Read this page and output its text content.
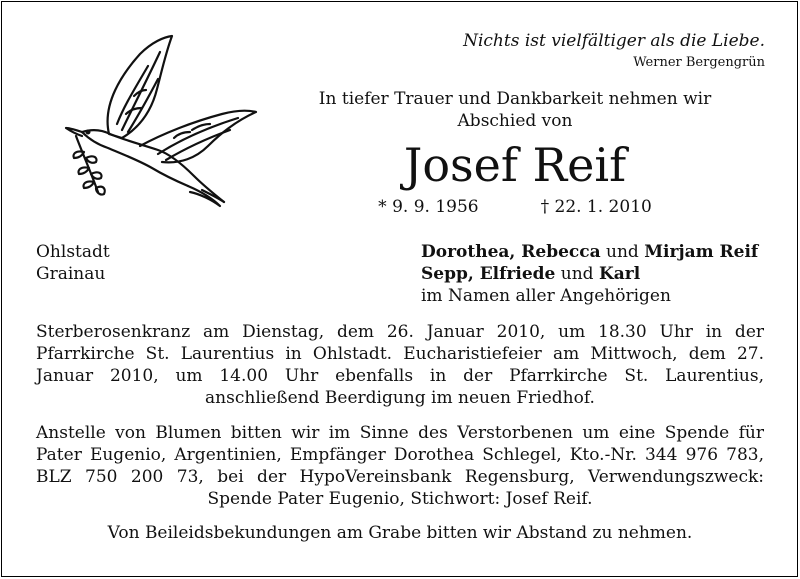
Nichts ist vielfältiger als die Liebe.
Werner Bergengrün
In tiefer Trauer und Dankbarkeit nehmen wir
Abschied von
Josef Reif
* 9. 9. 1956	† 22. 1. 2010
Ohlstadt
Grainau
Dorothea, Rebecca und Mirjam Reif
Sepp, Elfriede und Karl
im Namen aller Angehörigen
Sterberosenkranz am Dienstag, dem 26. Januar 2010, um 18.30 Uhr in der Pfarrkirche St. Laurentius in Ohlstadt. Eucharistiefeier am Mittwoch, dem 27. Januar 2010, um 14.00 Uhr ebenfalls in der Pfarrkirche St. Laurentius, anschließend Beerdigung im neuen Friedhof.
Anstelle von Blumen bitten wir im Sinne des Verstorbenen um eine Spende für Pater Eugenio, Argentinien, Empfänger Dorothea Schlegel, Kto.-Nr. 344 976 783, BLZ 750 200 73, bei der HypoVereinsbank Regensburg, Verwendungszweck: Spende Pater Eugenio, Stichwort: Josef Reif.
Von Beileidsbekundungen am Grabe bitten wir Abstand zu nehmen.
